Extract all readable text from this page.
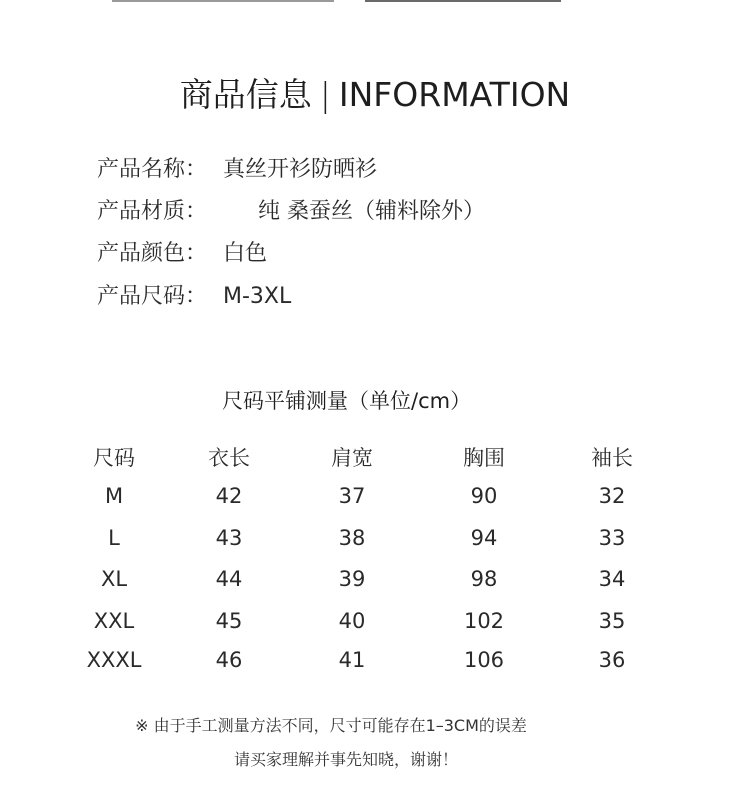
商品信息 | INFORMATION
产品名称： 真丝开衫防晒衫
产品材质： 纯 桑蚕丝（辅料除外）
产品颜色： 白色
产品尺码： M-3XL
尺码平铺测量（单位/cm）
尺码	衣长	肩宽	胸围	袖长
M	42	37	90	32
L	43	38	94	33
XL	44	39	98	34
XXL	45	40	102	35
XXXL	46	41	106	36
※ 由于手工测量方法不同，尺寸可能存在1–3CM的误差
请买家理解并事先知晓，谢谢！
